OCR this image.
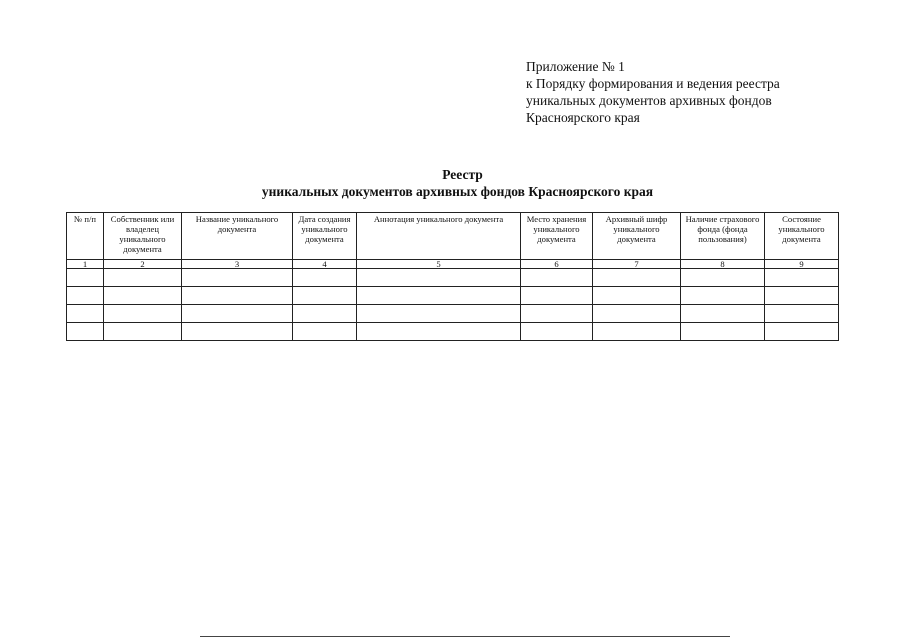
Приложение № 1
к Порядку формирования и ведения реестра
уникальных документов архивных фондов
Красноярского края
Реестр
уникальных документов архивных фондов Красноярского края
№ п/п	Собственник или владелец уникального документа	Название уникального документа	Дата создания уникального документа	Аннотация уникального документа	Место хранения уникального документа	Архивный шифр уникального документа	Наличие страхового фонда (фонда пользования)	Состояние уникального документа
1	2	3	4	5	6	7	8	9
